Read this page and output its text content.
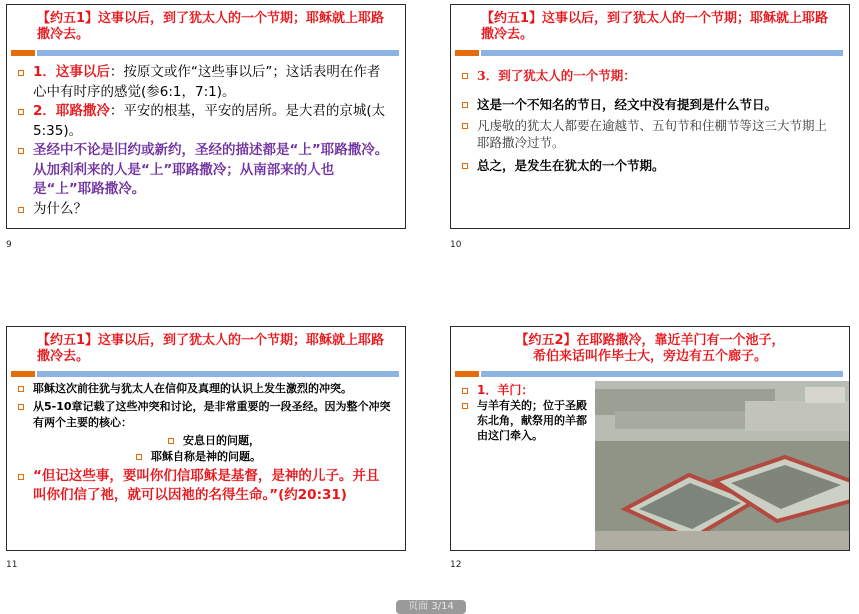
【约五1】这事以后，到了犹太人的一个节期；耶稣就上耶路撒冷去。
1．这事以后：按原文或作“这些事以后”；这话表明在作者心中有时序的感觉(参6:1，7:1)。
2．耶路撒冷：平安的根基，平安的居所。是大君的京城(太5:35)。
圣经中不论是旧约或新约，圣经的描述都是“上”耶路撒冷。从加利利来的人是“上”耶路撒冷；从南部来的人也是“上”耶路撒冷。
为什么？
9
【约五1】这事以后，到了犹太人的一个节期；耶稣就上耶路撒冷去。
3．到了犹太人的一个节期：
这是一个不知名的节日，经文中没有提到是什么节日。
凡虔敬的犹太人都要在逾越节、五旬节和住棚节等这三大节期上耶路撒冷过节。
总之，是发生在犹太的一个节期。
10
【约五1】这事以后，到了犹太人的一个节期；耶稣就上耶路撒冷去。
耶稣这次前往犹与犹太人在信仰及真理的认识上发生激烈的冲突。
从5-10章记载了这些冲突和讨论，是非常重要的一段圣经。因为整个冲突有两个主要的核心：
安息日的问题，
耶稣自称是神的问题。
“但记这些事，要叫你们信耶稣是基督，是神的儿子。并且叫你们信了祂，就可以因祂的名得生命。”(约20:31)
11
【约五2】在耶路撒冷，靠近羊门有一个池子，
希伯来话叫作毕士大，旁边有五个廊子。
1．羊门：
与羊有关的；位于圣殿东北角，献祭用的羊都由这门牵入。
12
页面 3/14
